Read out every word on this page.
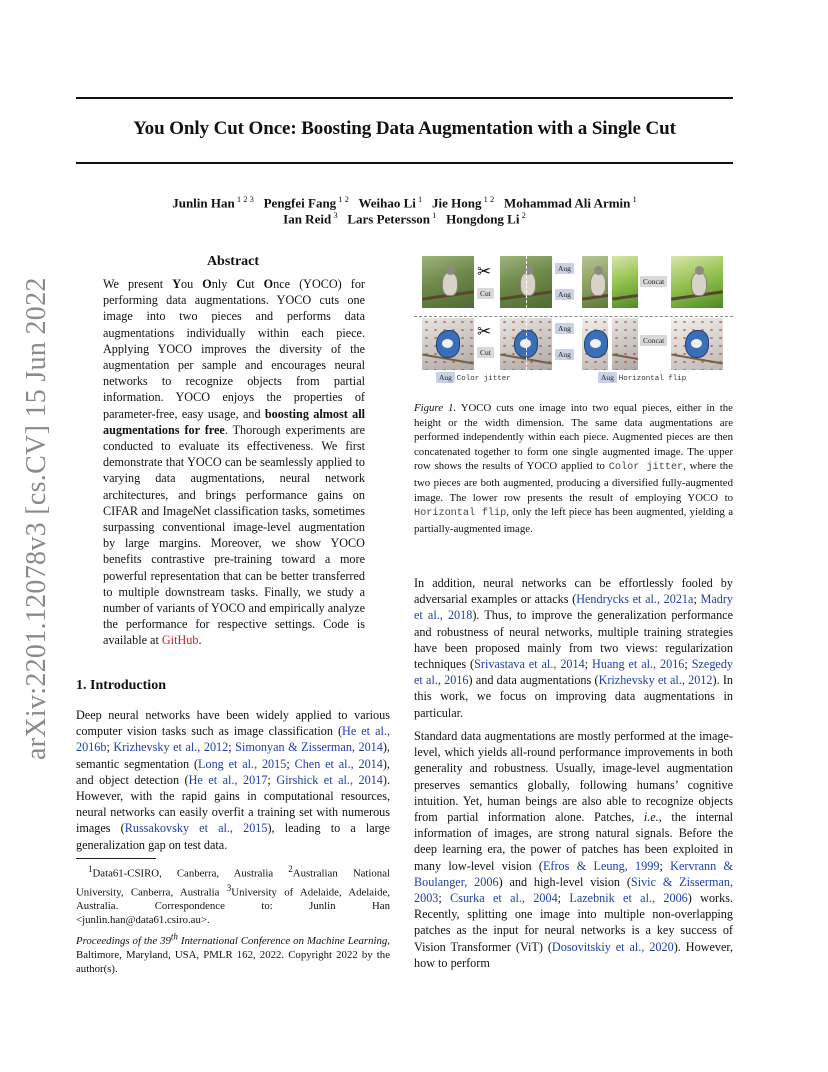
arXiv:2201.12078v3 [cs.CV] 15 Jun 2022
You Only Cut Once: Boosting Data Augmentation with a Single Cut
Junlin Han $^{1 2 3}$  Pengfei Fang $^{1 2}$  Weihao Li $^1$  Jie Hong $^{1 2}$  Mohammad Ali Armin $^1$
Ian Reid $^3$  Lars Petersson $^1$  Hongdong Li $^2$
Abstract

We present You Only Cut Once (YOCO) for performing data augmentations. YOCO cuts one image into two pieces and performs data augmentations individually within each piece. Applying YOCO improves the diversity of the augmentation per sample and encourages neural networks to recognize objects from partial information. YOCO enjoys the properties of parameter-free, easy usage, and boosting almost all augmentations for free. Thorough experiments are conducted to evaluate its effectiveness. We first demonstrate that YOCO can be seamlessly applied to varying data augmentations, neural network architectures, and brings performance gains on CIFAR and ImageNet classification tasks, sometimes surpassing conventional image-level augmentation by large margins. Moreover, we show YOCO benefits contrastive pre-training toward a more powerful representation that can be better transferred to multiple downstream tasks. Finally, we study a number of variants of YOCO and empirically analyze the performance for respective settings. Code is available at GitHub.

1. Introduction

Deep neural networks have been widely applied to various computer vision tasks such as image classification (He et al., 2016b; Krizhevsky et al., 2012; Simonyan & Zisserman, 2014), semantic segmentation (Long et al., 2015; Chen et al., 2014), and object detection (He et al., 2017; Girshick et al., 2014). However, with the rapid gains in computational resources, neural networks can easily overfit a training set with numerous images (Russakovsky et al., 2015), leading to a large generalization gap on test data.

$^1$Data61-CSIRO, Canberra, Australia $^2$Australian National University, Canberra, Australia $^3$University of Adelaide, Adelaide, Australia. Correspondence to: Junlin Han <junlin.han@data61.csiro.au>.
Proceedings of the 39th International Conference on Machine Learning, Baltimore, Maryland, USA, PMLR 162, 2022. Copyright 2022 by the author(s).
✂
Cut
Aug
Aug
Concat
✂
Cut
Aug
Aug
Concat
Aug Color jitter	Aug Horizontal flip
Figure 1. YOCO cuts one image into two equal pieces, either in the height or the width dimension. The same data augmentations are performed independently within each piece. Augmented pieces are then concatenated together to form one single augmented image. The upper row shows the results of YOCO applied to Color jitter, where the two pieces are both augmented, producing a diversified fully-augmented image. The lower row presents the result of employing YOCO to Horizontal flip, only the left piece has been augmented, yielding a partially-augmented image.

In addition, neural networks can be effortlessly fooled by adversarial examples or attacks (Hendrycks et al., 2021a; Madry et al., 2018). Thus, to improve the generalization performance and robustness of neural networks, multiple training strategies have been proposed mainly from two views: regularization techniques (Srivastava et al., 2014; Huang et al., 2016; Szegedy et al., 2016) and data augmentations (Krizhevsky et al., 2012). In this work, we focus on improving data augmentations in particular.

Standard data augmentations are mostly performed at the image-level, which yields all-round performance improvements in both generality and robustness. Usually, image-level augmentation preserves semantics globally, following humans’ cognitive intuition. Yet, human beings are also able to recognize objects from partial information alone. Patches, i.e., the internal information of images, are strong natural signals. Before the deep learning era, the power of patches has been exploited in many low-level vision (Efros & Leung, 1999; Kervrann & Boulanger, 2006) and high-level vision (Sivic & Zisserman, 2003; Csurka et al., 2004; Lazebnik et al., 2006) works. Recently, splitting one image into multiple non-overlapping patches as the input for neural networks is a key success of Vision Transformer (ViT) (Dosovitskiy et al., 2020). However, how to perform
